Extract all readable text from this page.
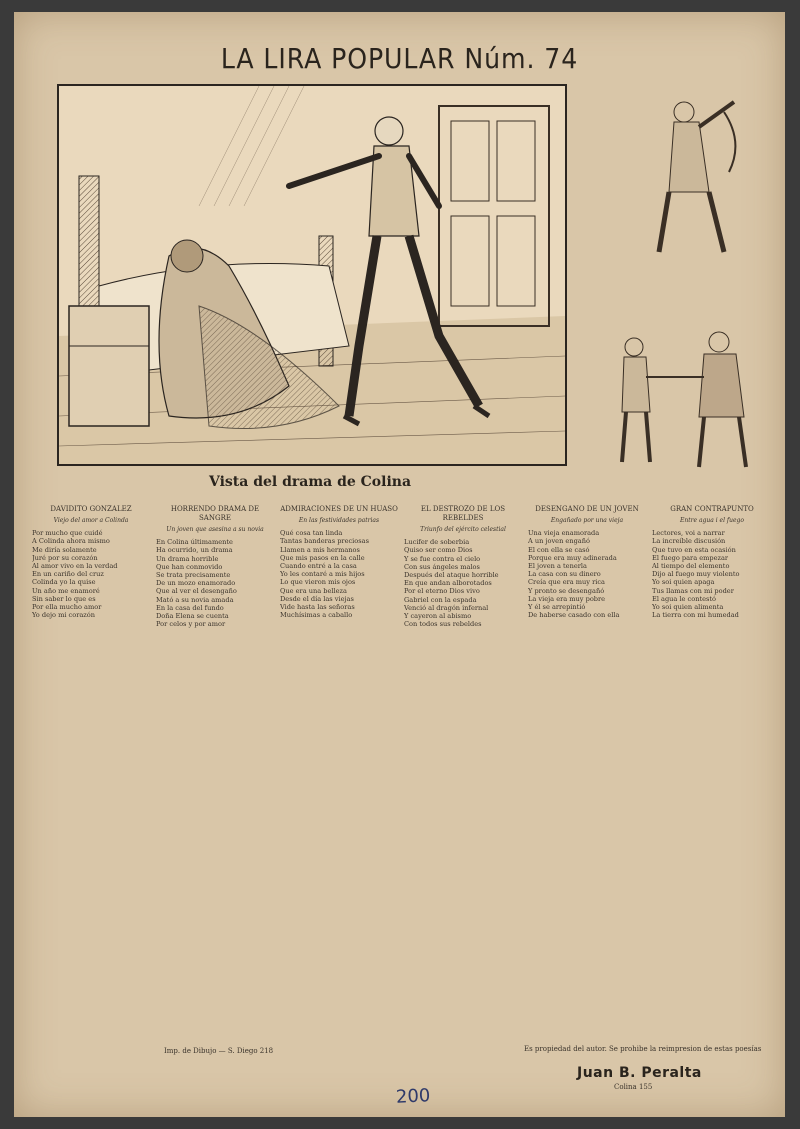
LA LIRA POPULAR Núm. 74
Vista del drama de Colina
DAVIDITO GONZALEZ
Viejo del amor a Colinda
Por mucho que cuidé
A Colinda ahora mismo
Me diría solamente
Juré por su corazón
Al amor vivo en la verdad
En un cariño del cruz
Colinda yo la quise
Un año me enamoré
Sin saber lo que es
Por ella mucho amor
Yo dejo mi corazón
HORRENDO DRAMA DE SANGRE
Un joven que asesina a su novia
En Colina últimamente
Ha ocurrido, un drama
Un drama horrible
Que han conmovido
Se trata precisamente
De un mozo enamorado
Que al ver el desengaño
Mató a su novia amada
En la casa del fundo
Doña Elena se cuenta
Por celos y por amor
ADMIRACIONES DE UN HUASO
En las festividades patrias
Qué cosa tan linda
Tantas banderas preciosas
Llamen a mis hermanos
Que mis pasos en la calle
Cuando entré a la casa
Yo les contaré a mis hijos
Lo que vieron mis ojos
Que era una belleza
Desde el día las viejas
Vide hasta las señoras
Muchísimas a caballo
EL DESTROZO DE LOS REBELDES
Triunfo del ejército celestial
Lucifer de soberbia
Quiso ser como Dios
Y se fue contra el cielo
Con sus ángeles malos
Después del ataque horrible
En que andan alborotados
Por el eterno Dios vivo
Gabriel con la espada
Venció al dragón infernal
Y cayeron al abismo
Con todos sus rebeldes
DESENGAÑO DE UN JOVEN
Engañado por una vieja
Una vieja enamorada
A un joven engañó
El con ella se casó
Porque era muy adinerada
El joven a tenerla
La casa con su dinero
Creía que era muy rica
Y pronto se desengañó
La vieja era muy pobre
Y él se arrepintió
De haberse casado con ella
GRAN CONTRAPUNTO
Entre agua i el fuego
Lectores, voi a narrar
La increíble discusión
Que tuvo en esta ocasión
El fuego para empezar
Al tiempo del elemento
Dijo al fuego muy violento
Yo soi quien apaga
Tus llamas con mi poder
El agua le contestó
Yo soi quien alimenta
La tierra con mi humedad
Imp. de Dibujo — S. Diego 218	Es propiedad del autor. Se prohibe la reimpresion de estas poesías
Juan B. Peralta
Colina 155
200
